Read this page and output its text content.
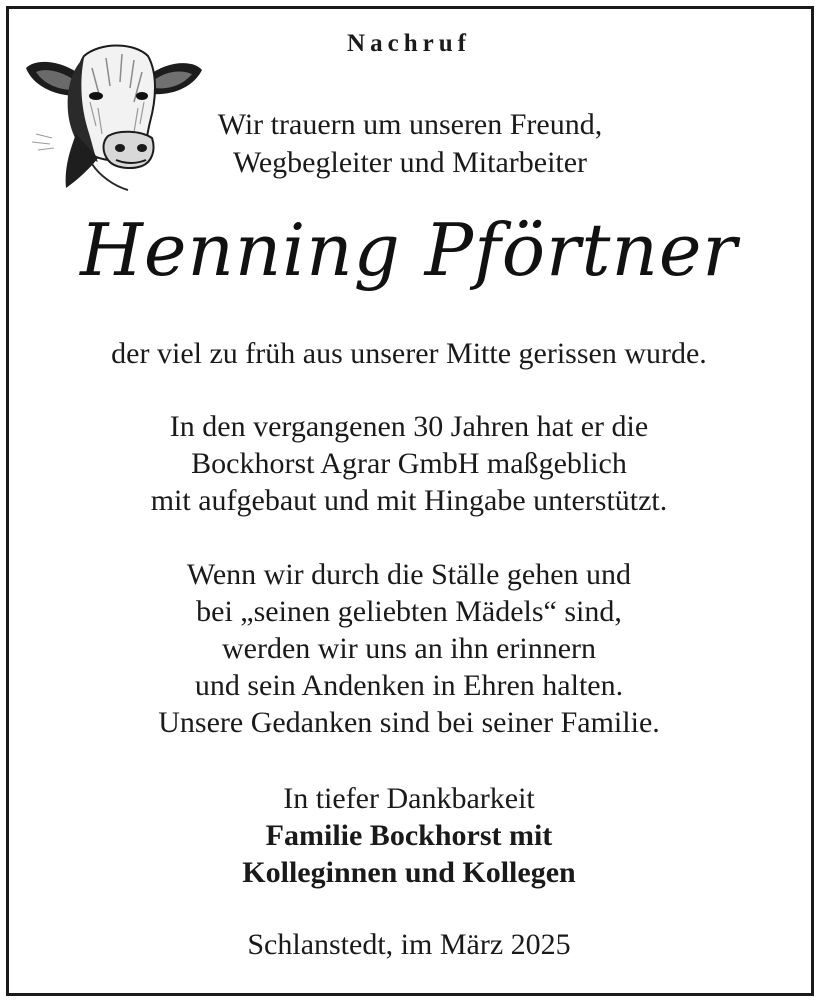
Nachruf
Wir trauern um unseren Freund,
Wegbegleiter und Mitarbeiter
Henning Pförtner
der viel zu früh aus unserer Mitte gerissen wurde.
In den vergangenen 30 Jahren hat er die
Bockhorst Agrar GmbH maßgeblich
mit aufgebaut und mit Hingabe unterstützt.
Wenn wir durch die Ställe gehen und
bei „seinen geliebten Mädels“ sind,
werden wir uns an ihn erinnern
und sein Andenken in Ehren halten.
Unsere Gedanken sind bei seiner Familie.
In tiefer Dankbarkeit
Familie Bockhorst mit
Kolleginnen und Kollegen
Schlanstedt, im März 2025
